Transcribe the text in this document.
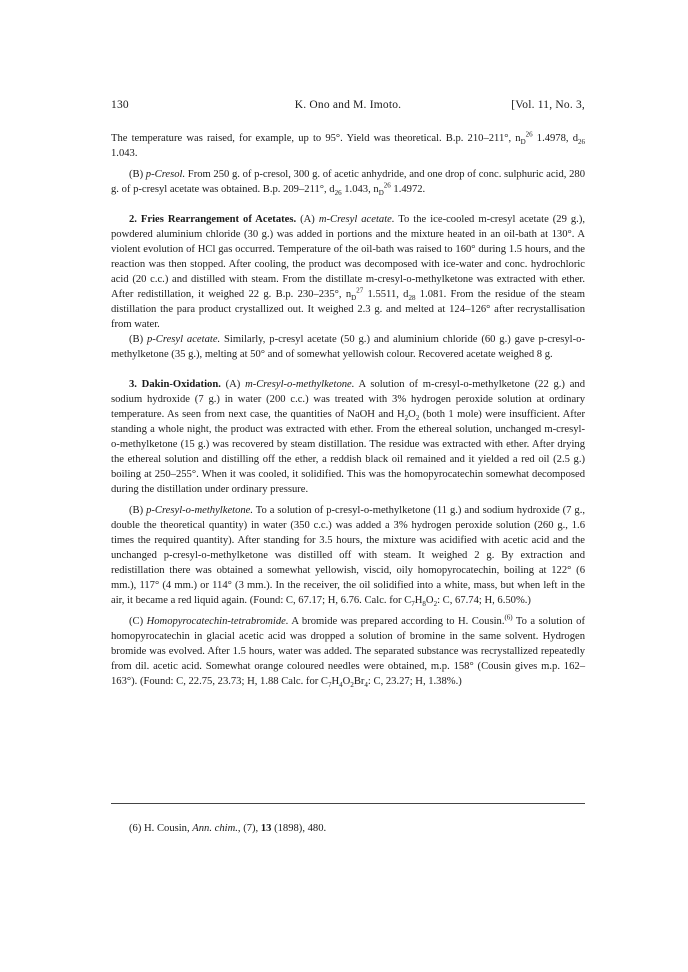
130	K. Ono and M. Imoto.	[Vol. 11, No. 3,

The temperature was raised, for example, up to 95°. Yield was theoretical. B.p. 210–211°, $n_D^{26}$ 1.4978, $d_{26}$ 1.043.

(B) p-Cresol. From 250 g. of p-cresol, 300 g. of acetic anhydride, and one drop of conc. sulphuric acid, 280 g. of p-cresyl acetate was obtained. B.p. 209–211°, $d_{26}$ 1.043, $n_D^{26}$ 1.4972.

2. Fries Rearrangement of Acetates. (A) m-Cresyl acetate. To the ice-cooled m-cresyl acetate (29 g.), powdered aluminium chloride (30 g.) was added in portions and the mixture heated in an oil-bath at 130°. A violent evolution of HCl gas occurred. Temperature of the oil-bath was raised to 160° during 1.5 hours, and the reaction was then stopped. After cooling, the product was decomposed with ice-water and conc. hydrochloric acid (20 c.c.) and distilled with steam. From the distillate m-cresyl-o-methylketone was extracted with ether. After redistillation, it weighed 22 g. B.p. 230–235°, $n_D^{27}$ 1.5511, $d_{28}$ 1.081. From the residue of the steam distillation the para product crystallized out. It weighed 2.3 g. and melted at 124–126° after recrystallisation from water.

(B) p-Cresyl acetate. Similarly, p-cresyl acetate (50 g.) and aluminium chloride (60 g.) gave p-cresyl-o-methylketone (35 g.), melting at 50° and of somewhat yellowish colour. Recovered acetate weighed 8 g.

3. Dakin-Oxidation. (A) m-Cresyl-o-methylketone. A solution of m-cresyl-o-methylketone (22 g.) and sodium hydroxide (7 g.) in water (200 c.c.) was treated with 3% hydrogen peroxide solution at ordinary temperature. As seen from next case, the quantities of NaOH and $H_2O_2$ (both 1 mole) were insufficient. After standing a whole night, the product was extracted with ether. From the ethereal solution, unchanged m-cresyl-o-methylketone (15 g.) was recovered by steam distillation. The residue was extracted with ether. After drying the ethereal solution and distilling off the ether, a reddish black oil remained and it yielded a red oil (2.5 g.) boiling at 250–255°. When it was cooled, it solidified. This was the homopyrocatechin somewhat decomposed during the distillation under ordinary pressure.

(B) p-Cresyl-o-methylketone. To a solution of p-cresyl-o-methylketone (11 g.) and sodium hydroxide (7 g., double the theoretical quantity) in water (350 c.c.) was added a 3% hydrogen peroxide solution (260 g., 1.6 times the required quantity). After standing for 3.5 hours, the mixture was acidified with acetic acid and the unchanged p-cresyl-o-methylketone was distilled off with steam. It weighed 2 g. By extraction and redistillation there was obtained a somewhat yellowish, viscid, oily homopyrocatechin, boiling at 122° (6 mm.), 117° (4 mm.) or 114° (3 mm.). In the receiver, the oil solidified into a white, mass, but when left in the air, it became a red liquid again. (Found: C, 67.17; H, 6.76. Calc. for $C_7H_8O_2$: C, 67.74; H, 6.50%.)

(C) Homopyrocatechin-tetrabromide. A bromide was prepared according to H. Cousin.$^{(6)}$ To a solution of homopyrocatechin in glacial acetic acid was dropped a solution of bromine in the same solvent. Hydrogen bromide was evolved. After 1.5 hours, water was added. The separated substance was recrystallized repeatedly from dil. acetic acid. Somewhat orange coloured needles were obtained, m.p. 158° (Cousin gives m.p. 162–163°). (Found: C, 22.75, 23.73; H, 1.88 Calc. for $C_7H_4O_2Br_4$: C, 23.27; H, 1.38%.)

(6) H. Cousin, Ann. chim., (7), 13 (1898), 480.
